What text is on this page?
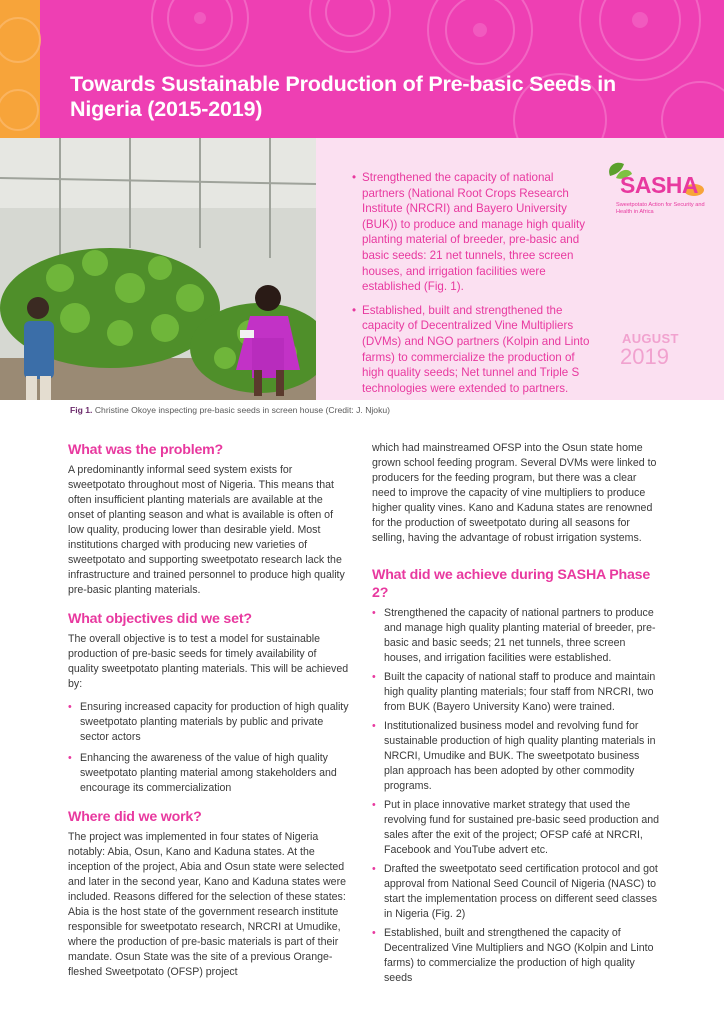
Towards Sustainable Production of Pre-basic Seeds in Nigeria (2015-2019)
• Strengthened the capacity of national partners (National Root Crops Research Institute (NRCRI) and Bayero University (BUK)) to produce and manage high quality planting material of breeder, pre-basic and basic seeds: 21 net tunnels, three screen houses, and irrigation facilities were established (Fig. 1).
• Established, built and strengthened the capacity of Decentralized Vine Multipliers (DVMs) and NGO partners (Kolpin and Linto farms) to commercialize the production of high quality seeds; Net tunnel and Triple S technologies were extended to partners.
SASHA
Sweetpotato Action for Security and Health in Africa
AUGUST
2019
Fig 1. Christine Okoye inspecting pre-basic seeds in screen house (Credit: J. Njoku)
What was the problem?

A predominantly informal seed system exists for sweetpotato throughout most of Nigeria. This means that often insufficient planting materials are available at the onset of planting season and what is available is often of low quality, producing lower than desirable yield. Most institutions charged with producing new varieties of sweetpotato and supporting sweetpotato research lack the infrastructure and trained personnel to produce high quality pre-basic planting materials.

What objectives did we set?

The overall objective is to test a model for sustainable production of pre-basic seeds for timely availability of quality sweetpotato planting materials. This will be achieved by:

• Ensuring increased capacity for production of high quality sweetpotato planting materials by public and private sector actors
• Enhancing the awareness of the value of high quality sweetpotato planting material among stakeholders and encourage its commercialization
Where did we work?

The project was implemented in four states of Nigeria notably: Abia, Osun, Kano and Kaduna states. At the inception of the project, Abia and Osun state were selected and later in the second year, Kano and Kaduna states were included. Reasons differed for the selection of these states: Abia is the host state of the government research institute responsible for sweetpotato research, NRCRI at Umudike, where the production of pre-basic materials is part of their mandate. Osun State was the site of a previous Orange-fleshed Sweetpotato (OFSP) project

which had mainstreamed OFSP into the Osun state home grown school feeding program. Several DVMs were linked to producers for the feeding program, but there was a clear need to improve the capacity of vine multipliers to produce higher quality vines. Kano and Kaduna states are renowned for the production of sweetpotato during all seasons for selling, having the advantage of robust irrigation systems.

What did we achieve during SASHA Phase 2?
• Strengthened the capacity of national partners to produce and manage high quality planting material of breeder, pre-basic and basic seeds; 21 net tunnels, three screen houses, and irrigation facilities were established.
• Built the capacity of national staff to produce and maintain high quality planting materials; four staff from NRCRI, two from BUK (Bayero University Kano) were trained.
• Institutionalized business model and revolving fund for sustainable production of high quality planting materials in NRCRI, Umudike and BUK. The sweetpotato business plan approach has been adopted by other commodity programs.
• Put in place innovative market strategy that used the revolving fund for sustained pre-basic seed production and sales after the exit of the project; OFSP café at NRCRI, Facebook and YouTube advert etc.
• Drafted the sweetpotato seed certification protocol and got approval from National Seed Council of Nigeria (NASC) to start the implementation process on different seed classes in Nigeria (Fig. 2)
• Established, built and strengthened the capacity of Decentralized Vine Multipliers and NGO (Kolpin and Linto farms) to commercialize the production of high quality seeds
